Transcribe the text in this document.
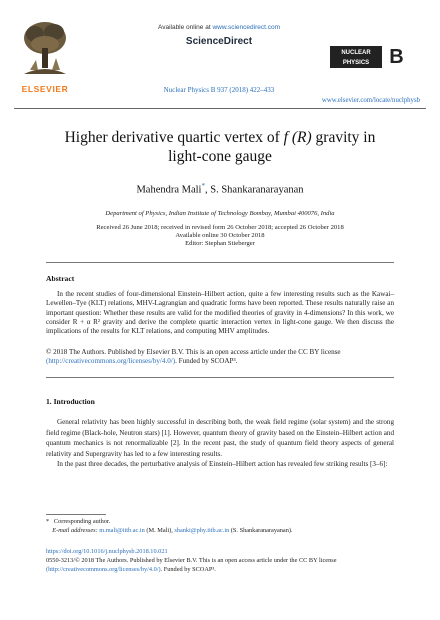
ELSEVIER
Available online at www.sciencedirect.com
ScienceDirect
NUCLEAR
PHYSICS	B
Nuclear Physics B 937 (2018) 422–433
www.elsevier.com/locate/nuclphysb
Higher derivative quartic vertex of f (R) gravity in
light-cone gauge
Mahendra Mali*, S. Shankaranarayanan
Department of Physics, Indian Institute of Technology Bombay, Mumbai 400076, India
Received 26 June 2018; received in revised form 26 October 2018; accepted 26 October 2018
Available online 30 October 2018
Editor: Stephan Stieberger
Abstract

In the recent studies of four-dimensional Einstein–Hilbert action, quite a few interesting results such as the Kawai–Lewellen–Tye (KLT) relations, MHV-Lagrangian and quadratic forms have been reported. These results naturally raise an important question: Whether these results are valid for the modified theories of gravity in 4-dimensions? In this work, we consider R + α R² gravity and derive the complete quartic interaction vertex in light-cone gauge. We then discuss the implications of the results for KLT relations, and computing MHV amplitudes.

© 2018 The Authors. Published by Elsevier B.V. This is an open access article under the CC BY license
(http://creativecommons.org/licenses/by/4.0/). Funded by SCOAP³.
1. Introduction

General relativity has been highly successful in describing both, the weak field regime (solar system) and the strong field regime (Black-hole, Neutron stars) [1]. However, quantum theory of gravity based on the Einstein–Hilbert action and quantum mechanics is not renormalizable [2]. In the recent past, the study of quantum field theory aspects of general relativity and Supergravity has led to a few interesting results.

In the past three decades, the perturbative analysis of Einstein–Hilbert action has revealed few striking results [3–6]:

* Corresponding author.
E-mail addresses: m.mali@iitb.ac.in (M. Mali), shanki@phy.iitb.ac.in (S. Shankaranarayanan).
https://doi.org/10.1016/j.nuclphysb.2018.10.021
0550-3213/© 2018 The Authors. Published by Elsevier B.V. This is an open access article under the CC BY license
(http://creativecommons.org/licenses/by/4.0/). Funded by SCOAP³.
